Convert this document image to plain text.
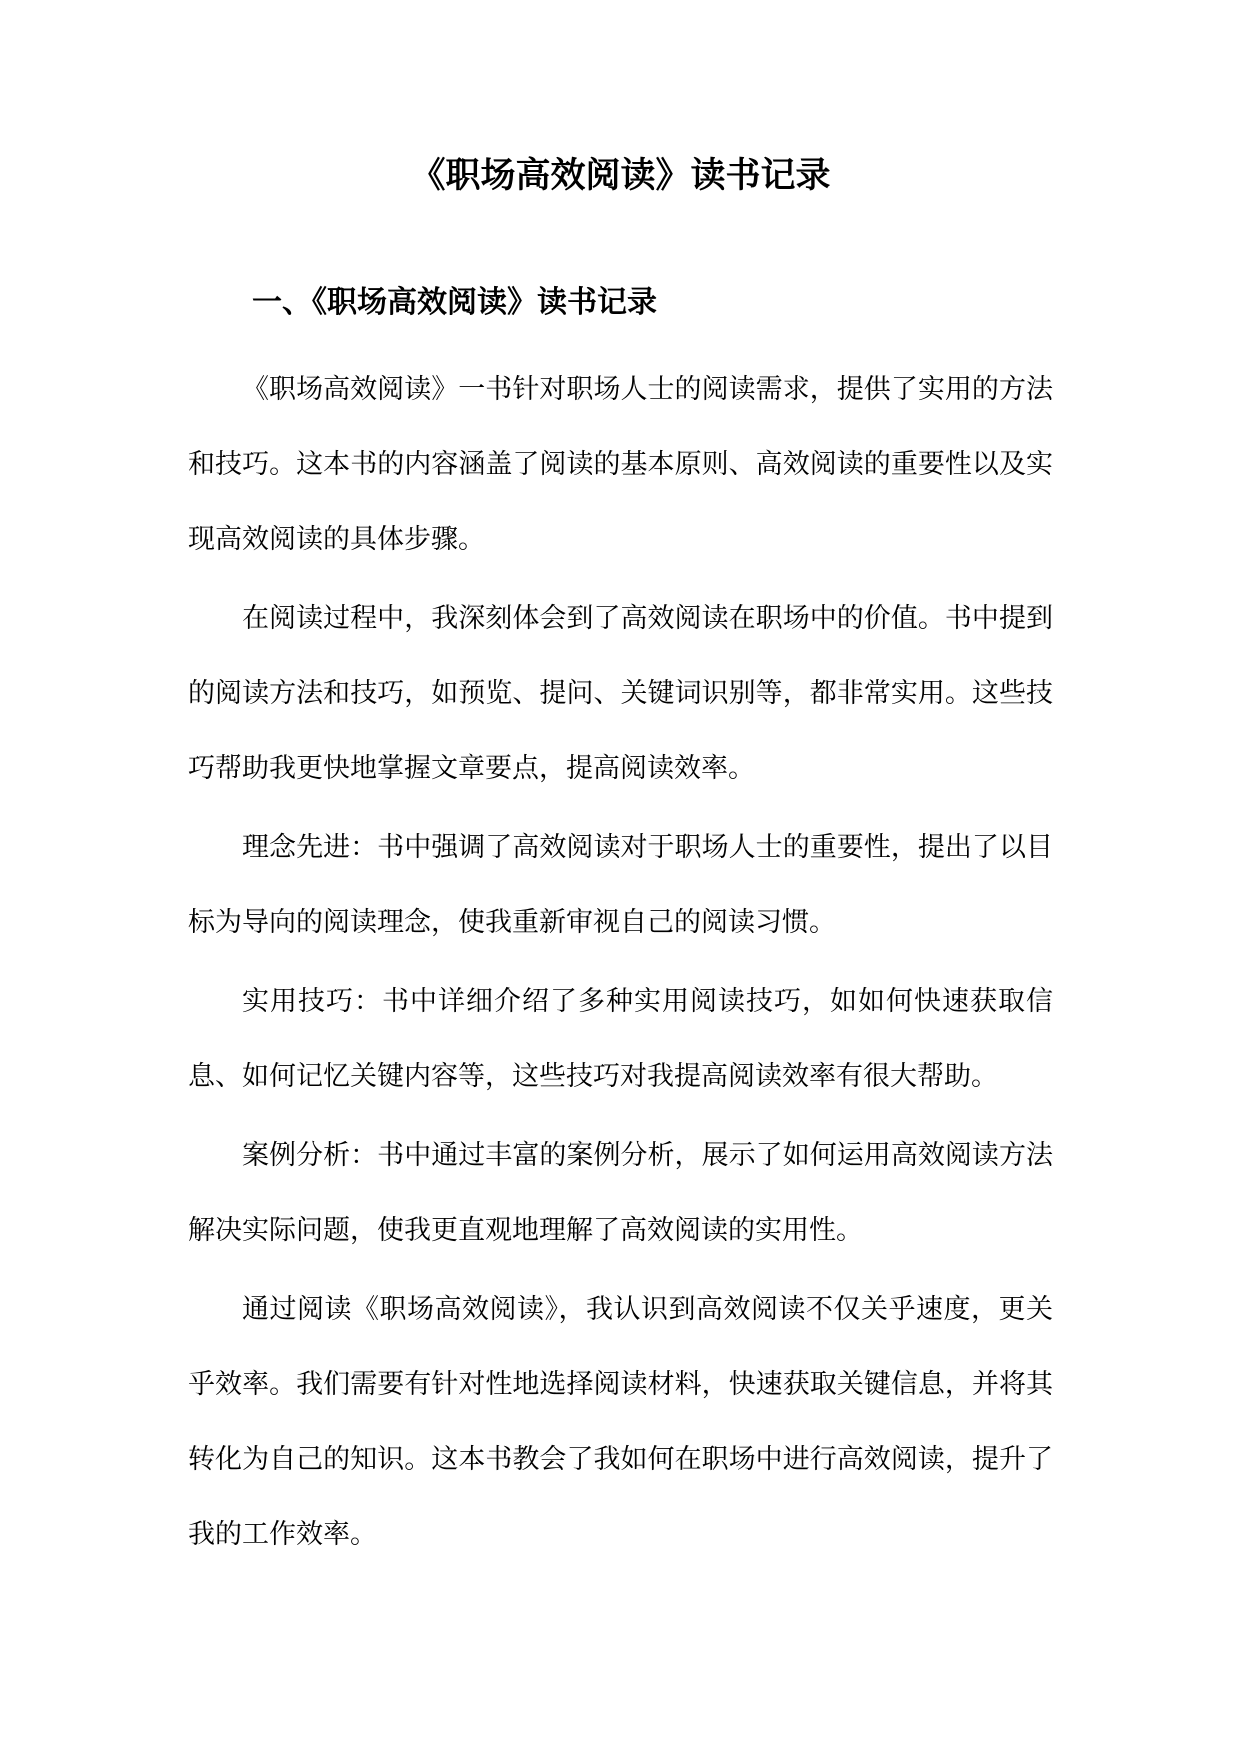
《职场高效阅读》读书记录
一、《职场高效阅读》读书记录

《职场高效阅读》一书针对职场人士的阅读需求，提供了实用的方法和技巧。这本书的内容涵盖了阅读的基本原则、高效阅读的重要性以及实现高效阅读的具体步骤。

在阅读过程中，我深刻体会到了高效阅读在职场中的价值。书中提到的阅读方法和技巧，如预览、提问、关键词识别等，都非常实用。这些技巧帮助我更快地掌握文章要点，提高阅读效率。

理念先进：书中强调了高效阅读对于职场人士的重要性，提出了以目标为导向的阅读理念，使我重新审视自己的阅读习惯。

实用技巧：书中详细介绍了多种实用阅读技巧，如如何快速获取信息、如何记忆关键内容等，这些技巧对我提高阅读效率有很大帮助。

案例分析：书中通过丰富的案例分析，展示了如何运用高效阅读方法解决实际问题，使我更直观地理解了高效阅读的实用性。

通过阅读《职场高效阅读》，我认识到高效阅读不仅关乎速度，更关乎效率。我们需要有针对性地选择阅读材料，快速获取关键信息，并将其转化为自己的知识。这本书教会了我如何在职场中进行高效阅读，提升了我的工作效率。
